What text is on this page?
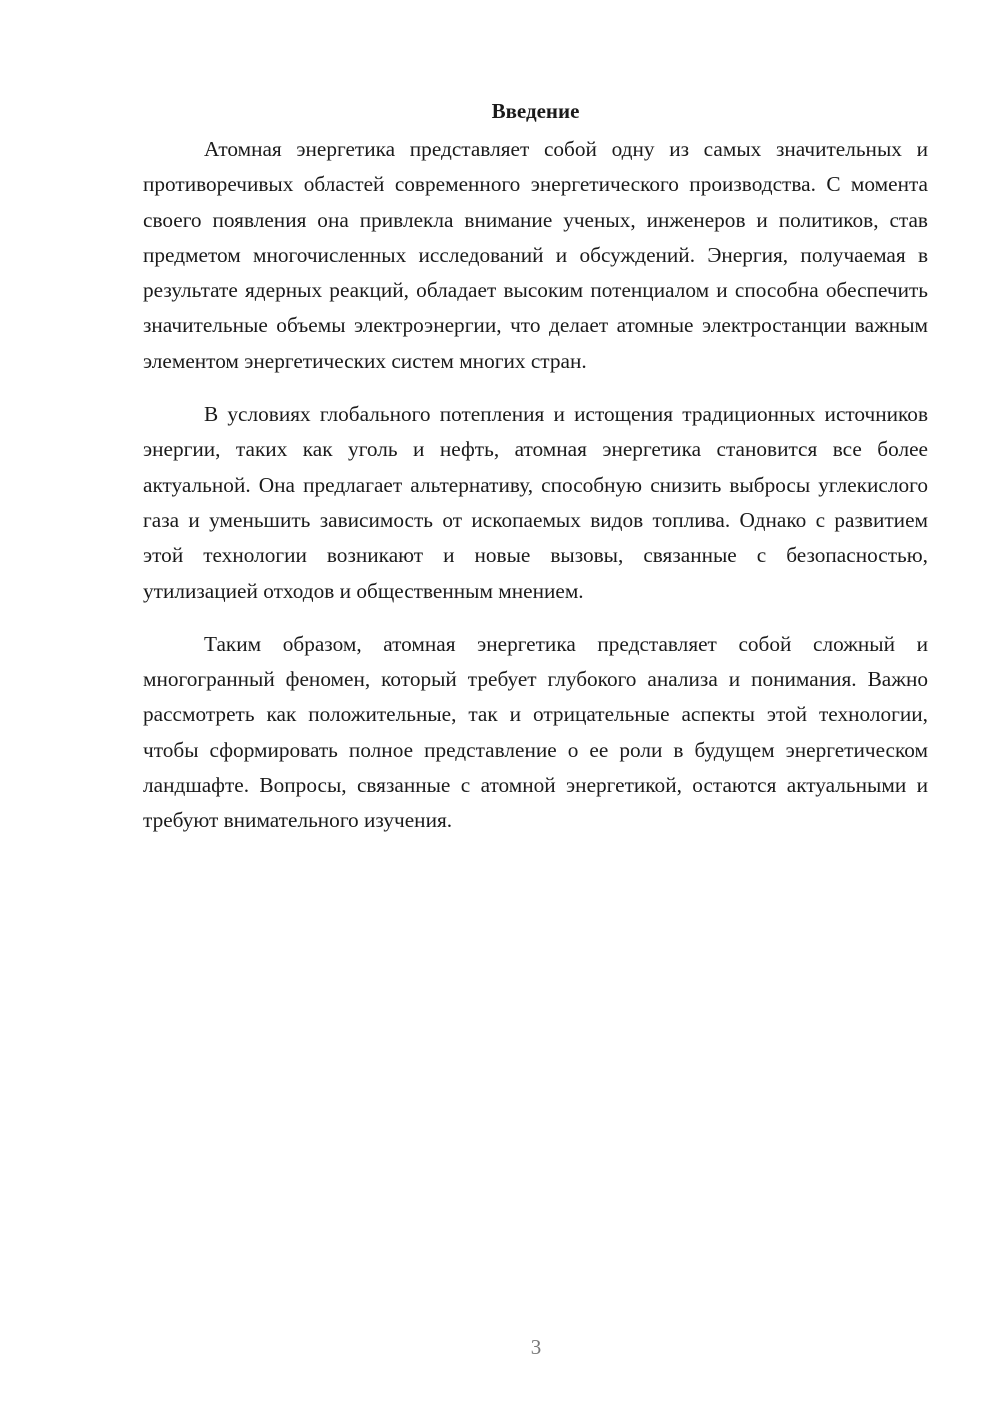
Введение

Атомная энергетика представляет собой одну из самых значительных и противоречивых областей современного энергетического производства. С момента своего появления она привлекла внимание ученых, инженеров и политиков, став предметом многочисленных исследований и обсуждений. Энергия, получаемая в результате ядерных реакций, обладает высоким потенциалом и способна обеспечить значительные объемы электроэнергии, что делает атомные электростанции важным элементом энергетических систем многих стран.

В условиях глобального потепления и истощения традиционных источников энергии, таких как уголь и нефть, атомная энергетика становится все более актуальной. Она предлагает альтернативу, способную снизить выбросы углекислого газа и уменьшить зависимость от ископаемых видов топлива. Однако с развитием этой технологии возникают и новые вызовы, связанные с безопасностью, утилизацией отходов и общественным мнением.

Таким образом, атомная энергетика представляет собой сложный и многогранный феномен, который требует глубокого анализа и понимания. Важно рассмотреть как положительные, так и отрицательные аспекты этой технологии, чтобы сформировать полное представление о ее роли в будущем энергетическом ландшафте. Вопросы, связанные с атомной энергетикой, остаются актуальными и требуют внимательного изучения.

3
